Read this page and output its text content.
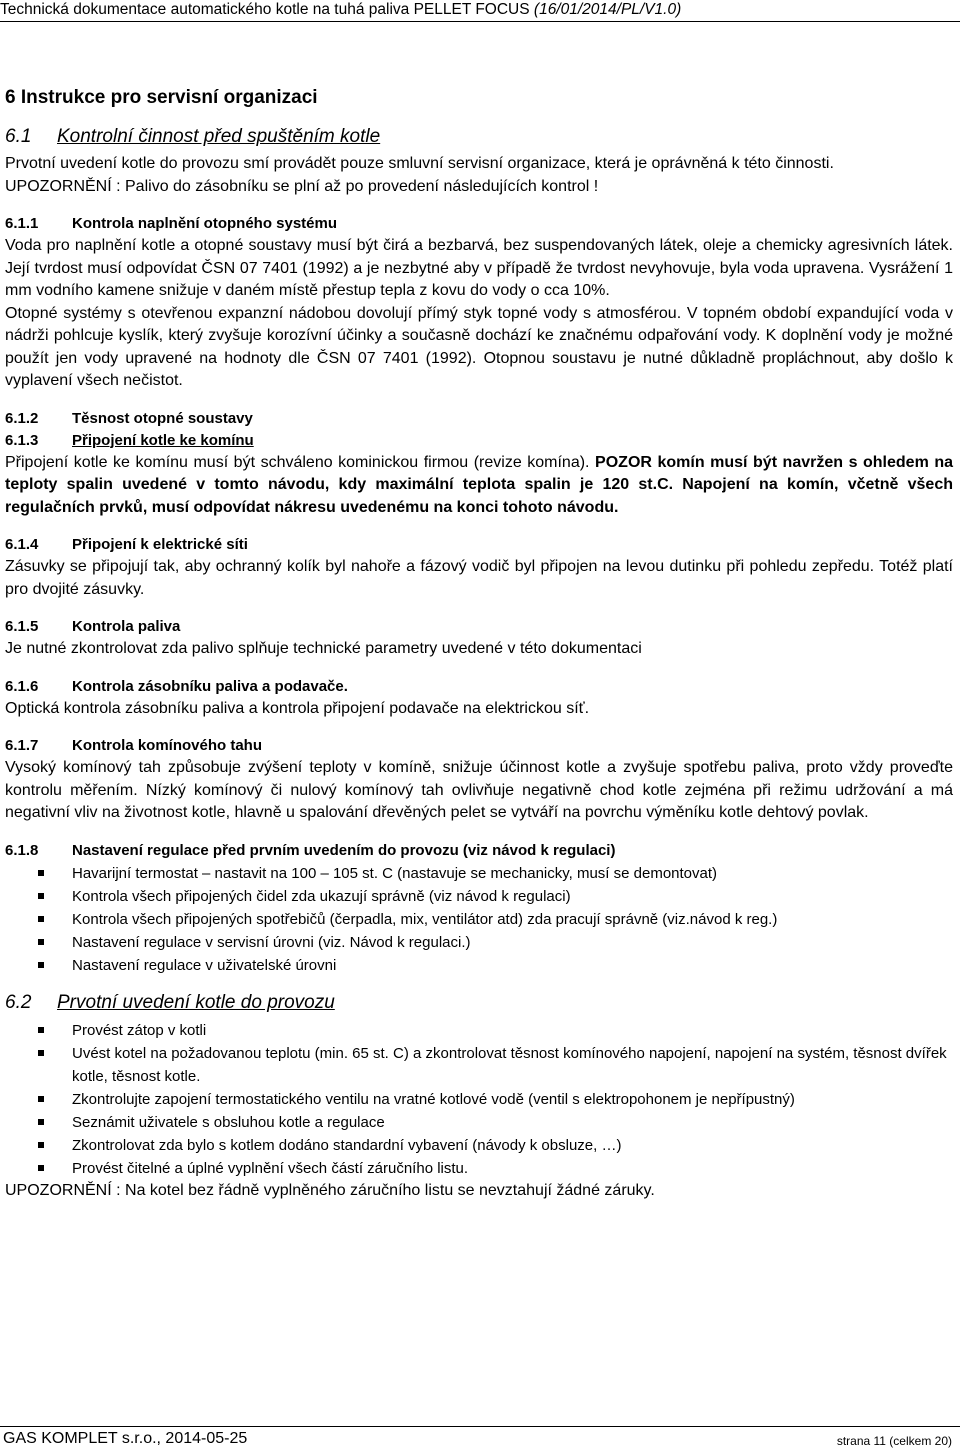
Technická dokumentace automatického kotle na tuhá paliva PELLET FOCUS (16/01/2014/PL/V1.0)
6 Instrukce pro servisní organizaci
6.1 Kontrolní činnost před spuštěním kotle

Prvotní uvedení kotle do provozu smí provádět pouze smluvní servisní organizace, která je oprávněná k této činnosti.

UPOZORNĚNÍ : Palivo do zásobníku se plní až po provedení následujících kontrol !

6.1.1 Kontrola naplnění otopného systému

Voda pro naplnění kotle a otopné soustavy musí být čirá a bezbarvá, bez suspendovaných látek, oleje a chemicky agresivních látek. Její tvrdost musí odpovídat ČSN 07 7401 (1992) a je nezbytné aby v případě že tvrdost nevyhovuje, byla voda upravena. Vysrážení 1 mm vodního kamene snižuje v daném místě přestup tepla z kovu do vody o cca 10%.

Otopné systémy s otevřenou expanzní nádobou dovolují přímý styk topné vody s atmosférou. V topném období expandující voda v nádrži pohlcuje kyslík, který zvyšuje korozívní účinky a současně dochází ke značnému odpařování vody. K doplnění vody je možné použít jen vody upravené na hodnoty dle ČSN 07 7401 (1992). Otopnou soustavu je nutné důkladně propláchnout, aby došlo k vyplavení všech nečistot.

6.1.2 Těsnost otopné soustavy
6.1.3 Připojení kotle ke komínu

Připojení kotle ke komínu musí být schváleno kominickou firmou (revize komína). POZOR komín musí být navržen s ohledem na teploty spalin uvedené v tomto návodu, kdy maximální teplota spalin je 120 st.C. Napojení na komín, včetně všech regulačních prvků, musí odpovídat nákresu uvedenému na konci tohoto návodu.

6.1.4 Připojení k elektrické síti

Zásuvky se připojují tak, aby ochranný kolík byl nahoře a fázový vodič byl připojen na levou dutinku při pohledu zepředu. Totéž platí pro dvojité zásuvky.

6.1.5 Kontrola paliva

Je nutné zkontrolovat zda palivo splňuje technické parametry uvedené v této dokumentaci

6.1.6 Kontrola zásobníku paliva a podavače.

Optická kontrola zásobníku paliva a kontrola připojení podavače na elektrickou síť.

6.1.7 Kontrola komínového tahu

Vysoký komínový tah způsobuje zvýšení teploty v komíně, snižuje účinnost kotle a zvyšuje spotřebu paliva, proto vždy proveďte kontrolu měřením. Nízký komínový či nulový komínový tah ovlivňuje negativně chod kotle zejména při režimu udržování a má negativní vliv na životnost kotle, hlavně u spalování dřevěných pelet se vytváří na povrchu výměníku kotle dehtový povlak.

6.1.8 Nastavení regulace před prvním uvedením do provozu (viz návod k regulaci)
Havarijní termostat – nastavit na 100 – 105 st. C (nastavuje se mechanicky, musí se demontovat)
Kontrola všech připojených čidel zda ukazují správně (viz návod k regulaci)
Kontrola všech připojených spotřebičů (čerpadla, mix, ventilátor atd) zda pracují správně (viz.návod k reg.)
Nastavení regulace v servisní úrovni (viz. Návod k regulaci.)
Nastavení regulace v uživatelské úrovni
6.2 Prvotní uvedení kotle do provozu
Provést zátop v kotli
Uvést kotel na požadovanou teplotu (min. 65 st. C) a zkontrolovat těsnost komínového napojení, napojení na systém, těsnost dvířek kotle, těsnost kotle.
Zkontrolujte zapojení termostatického ventilu na vratné kotlové vodě (ventil s elektropohonem je nepřípustný)
Seznámit uživatele s obsluhou kotle a regulace
Zkontrolovat zda bylo s kotlem dodáno standardní vybavení (návody k obsluze, …)
Provést čitelné a úplné vyplnění všech částí záručního listu.

UPOZORNĚNÍ : Na kotel bez řádně vyplněného záručního listu se nevztahují žádné záruky.

GAS KOMPLET s.r.o., 2014-05-25	strana 11 (celkem 20)
